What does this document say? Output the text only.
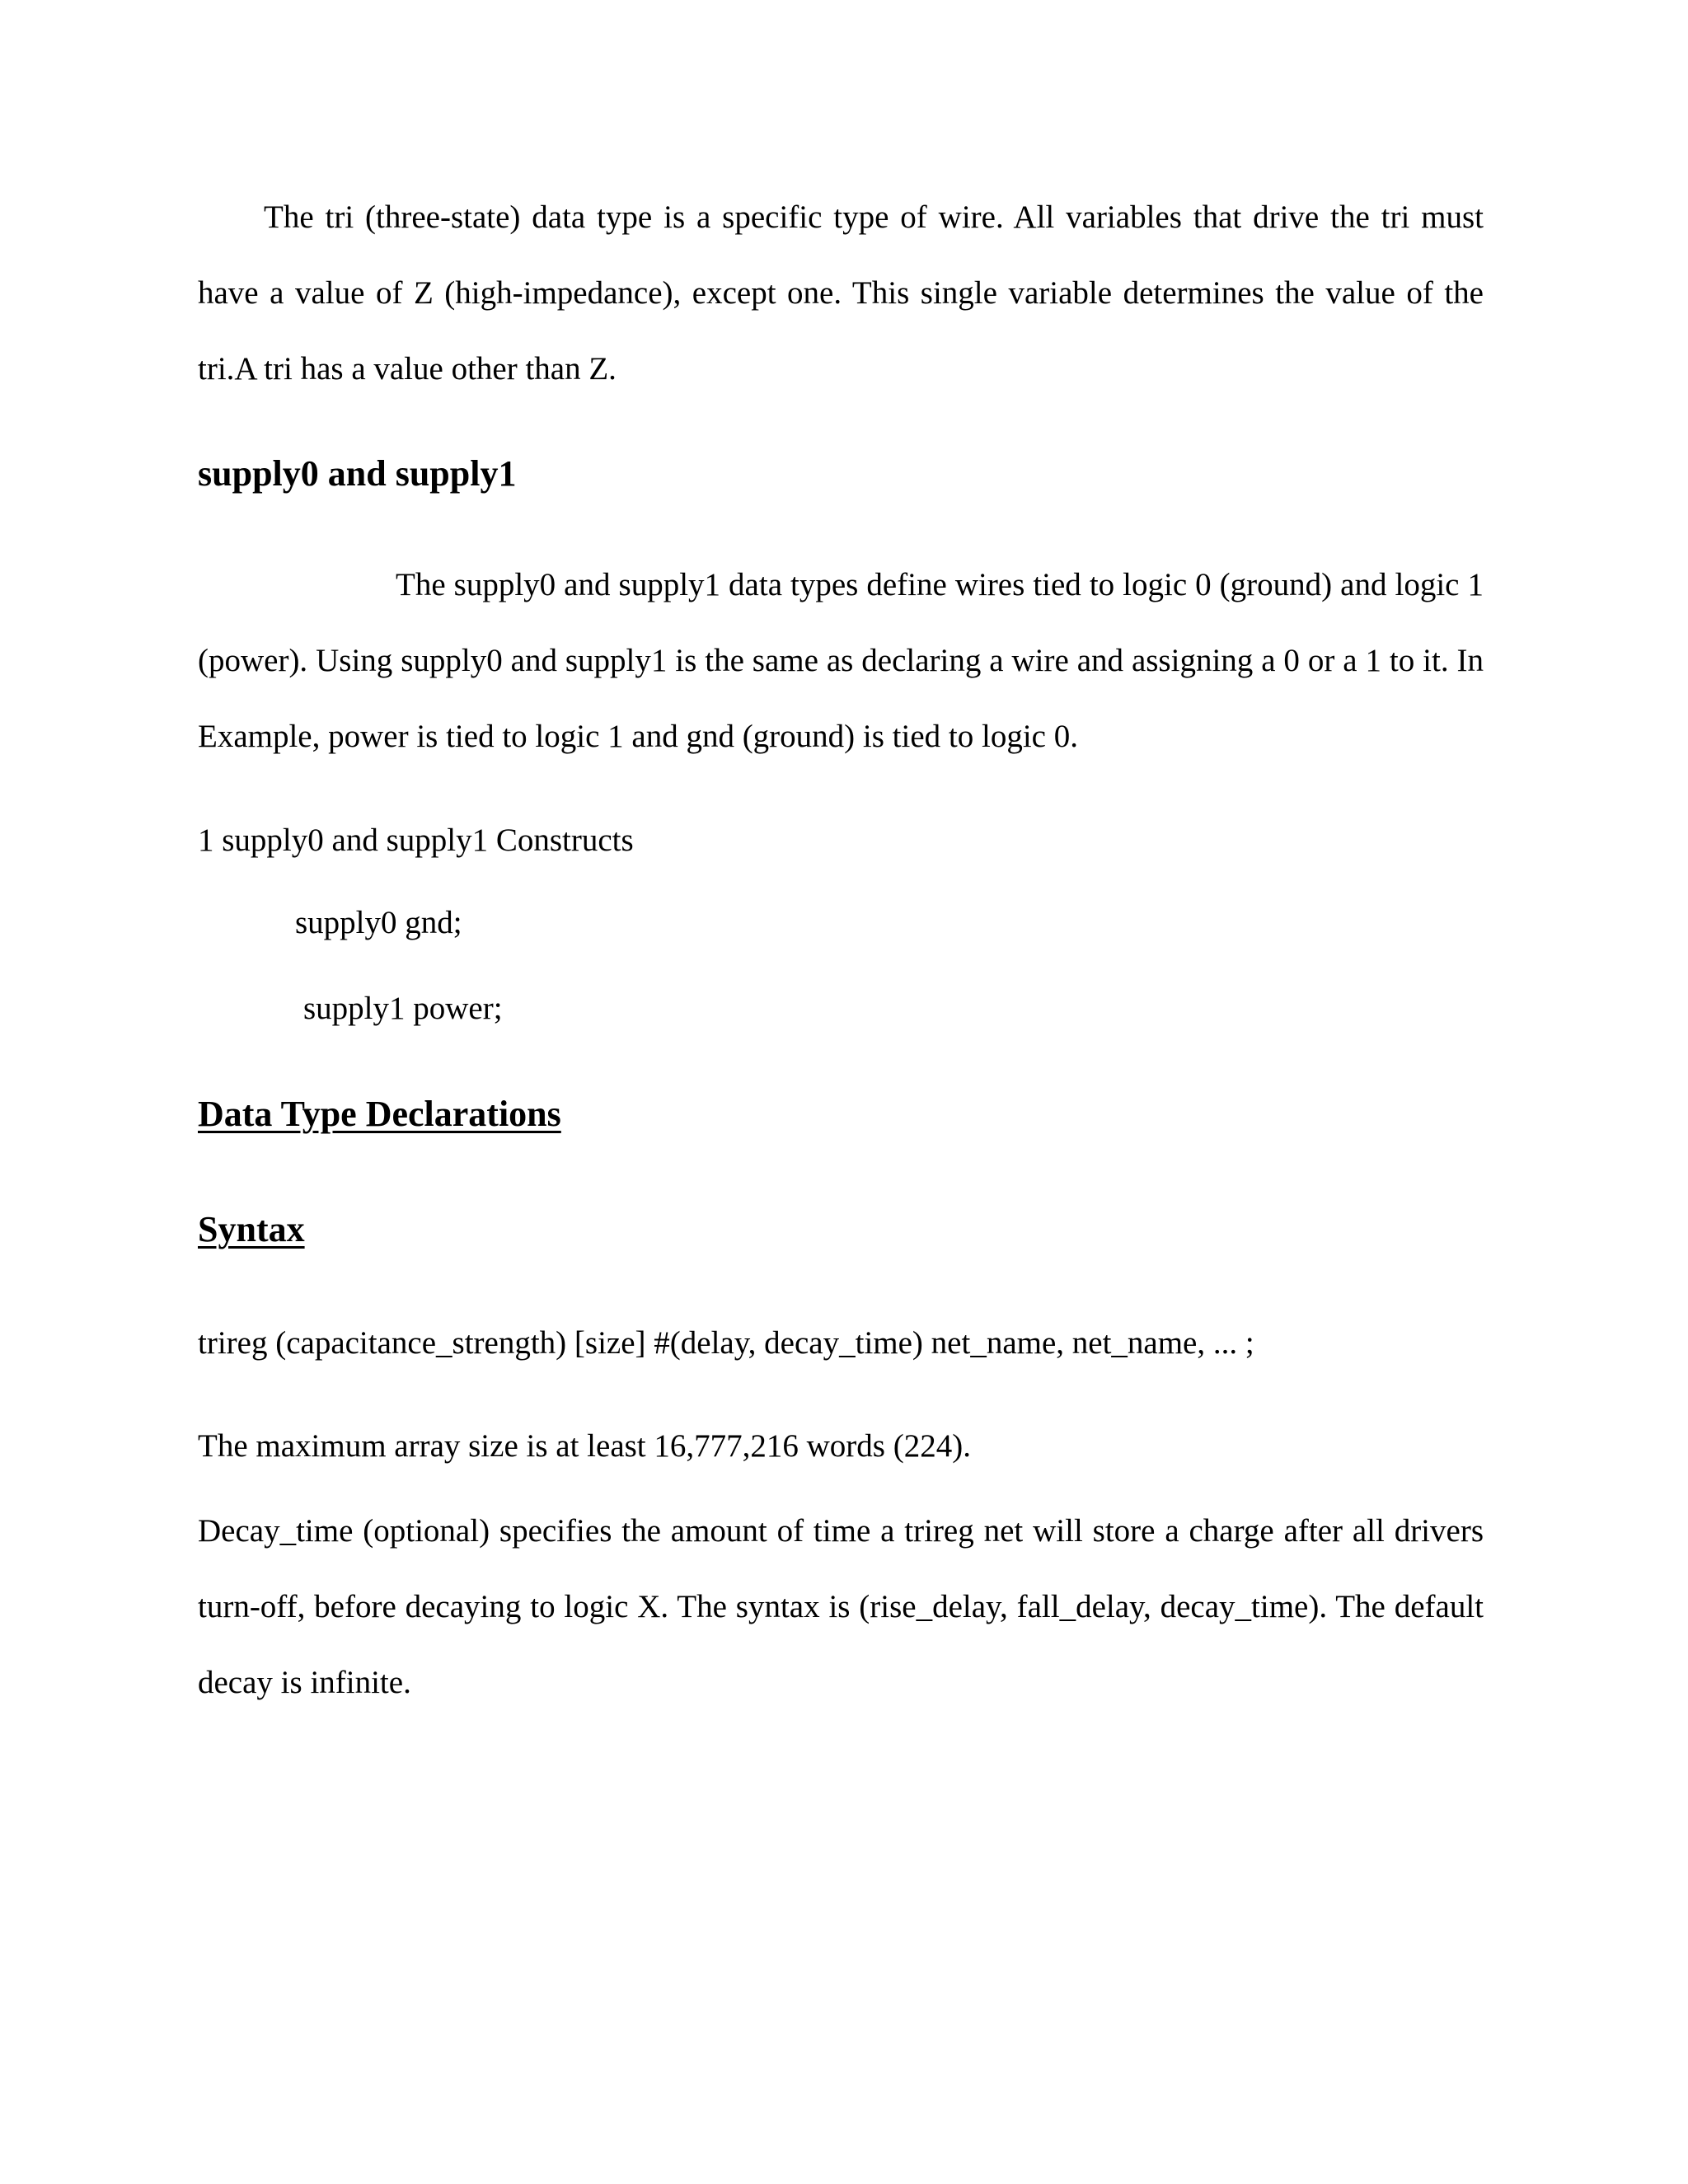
The tri (three-state) data type is a specific type of wire. All variables that drive the tri must have a value of Z (high-impedance), except one. This single variable determines the value of the tri.A tri has a value other than Z.

supply0 and supply1

The supply0 and supply1 data types define wires tied to logic 0 (ground) and logic 1 (power). Using supply0 and supply1 is the same as declaring a wire and assigning a 0 or a 1 to it. In Example, power is tied to logic 1 and gnd (ground) is tied to logic 0.

1 supply0 and supply1 Constructs
supply0 gnd;
supply1 power;
Data Type Declarations
Syntax
trireg (capacitance_strength) [size] #(delay, decay_time) net_name, net_name, ... ;
The maximum array size is at least 16,777,216 words (224).

Decay_time (optional) specifies the amount of time a trireg net will store a charge after all drivers turn-off, before decaying to logic X. The syntax is (rise_delay, fall_delay, decay_time). The default decay is infinite.
